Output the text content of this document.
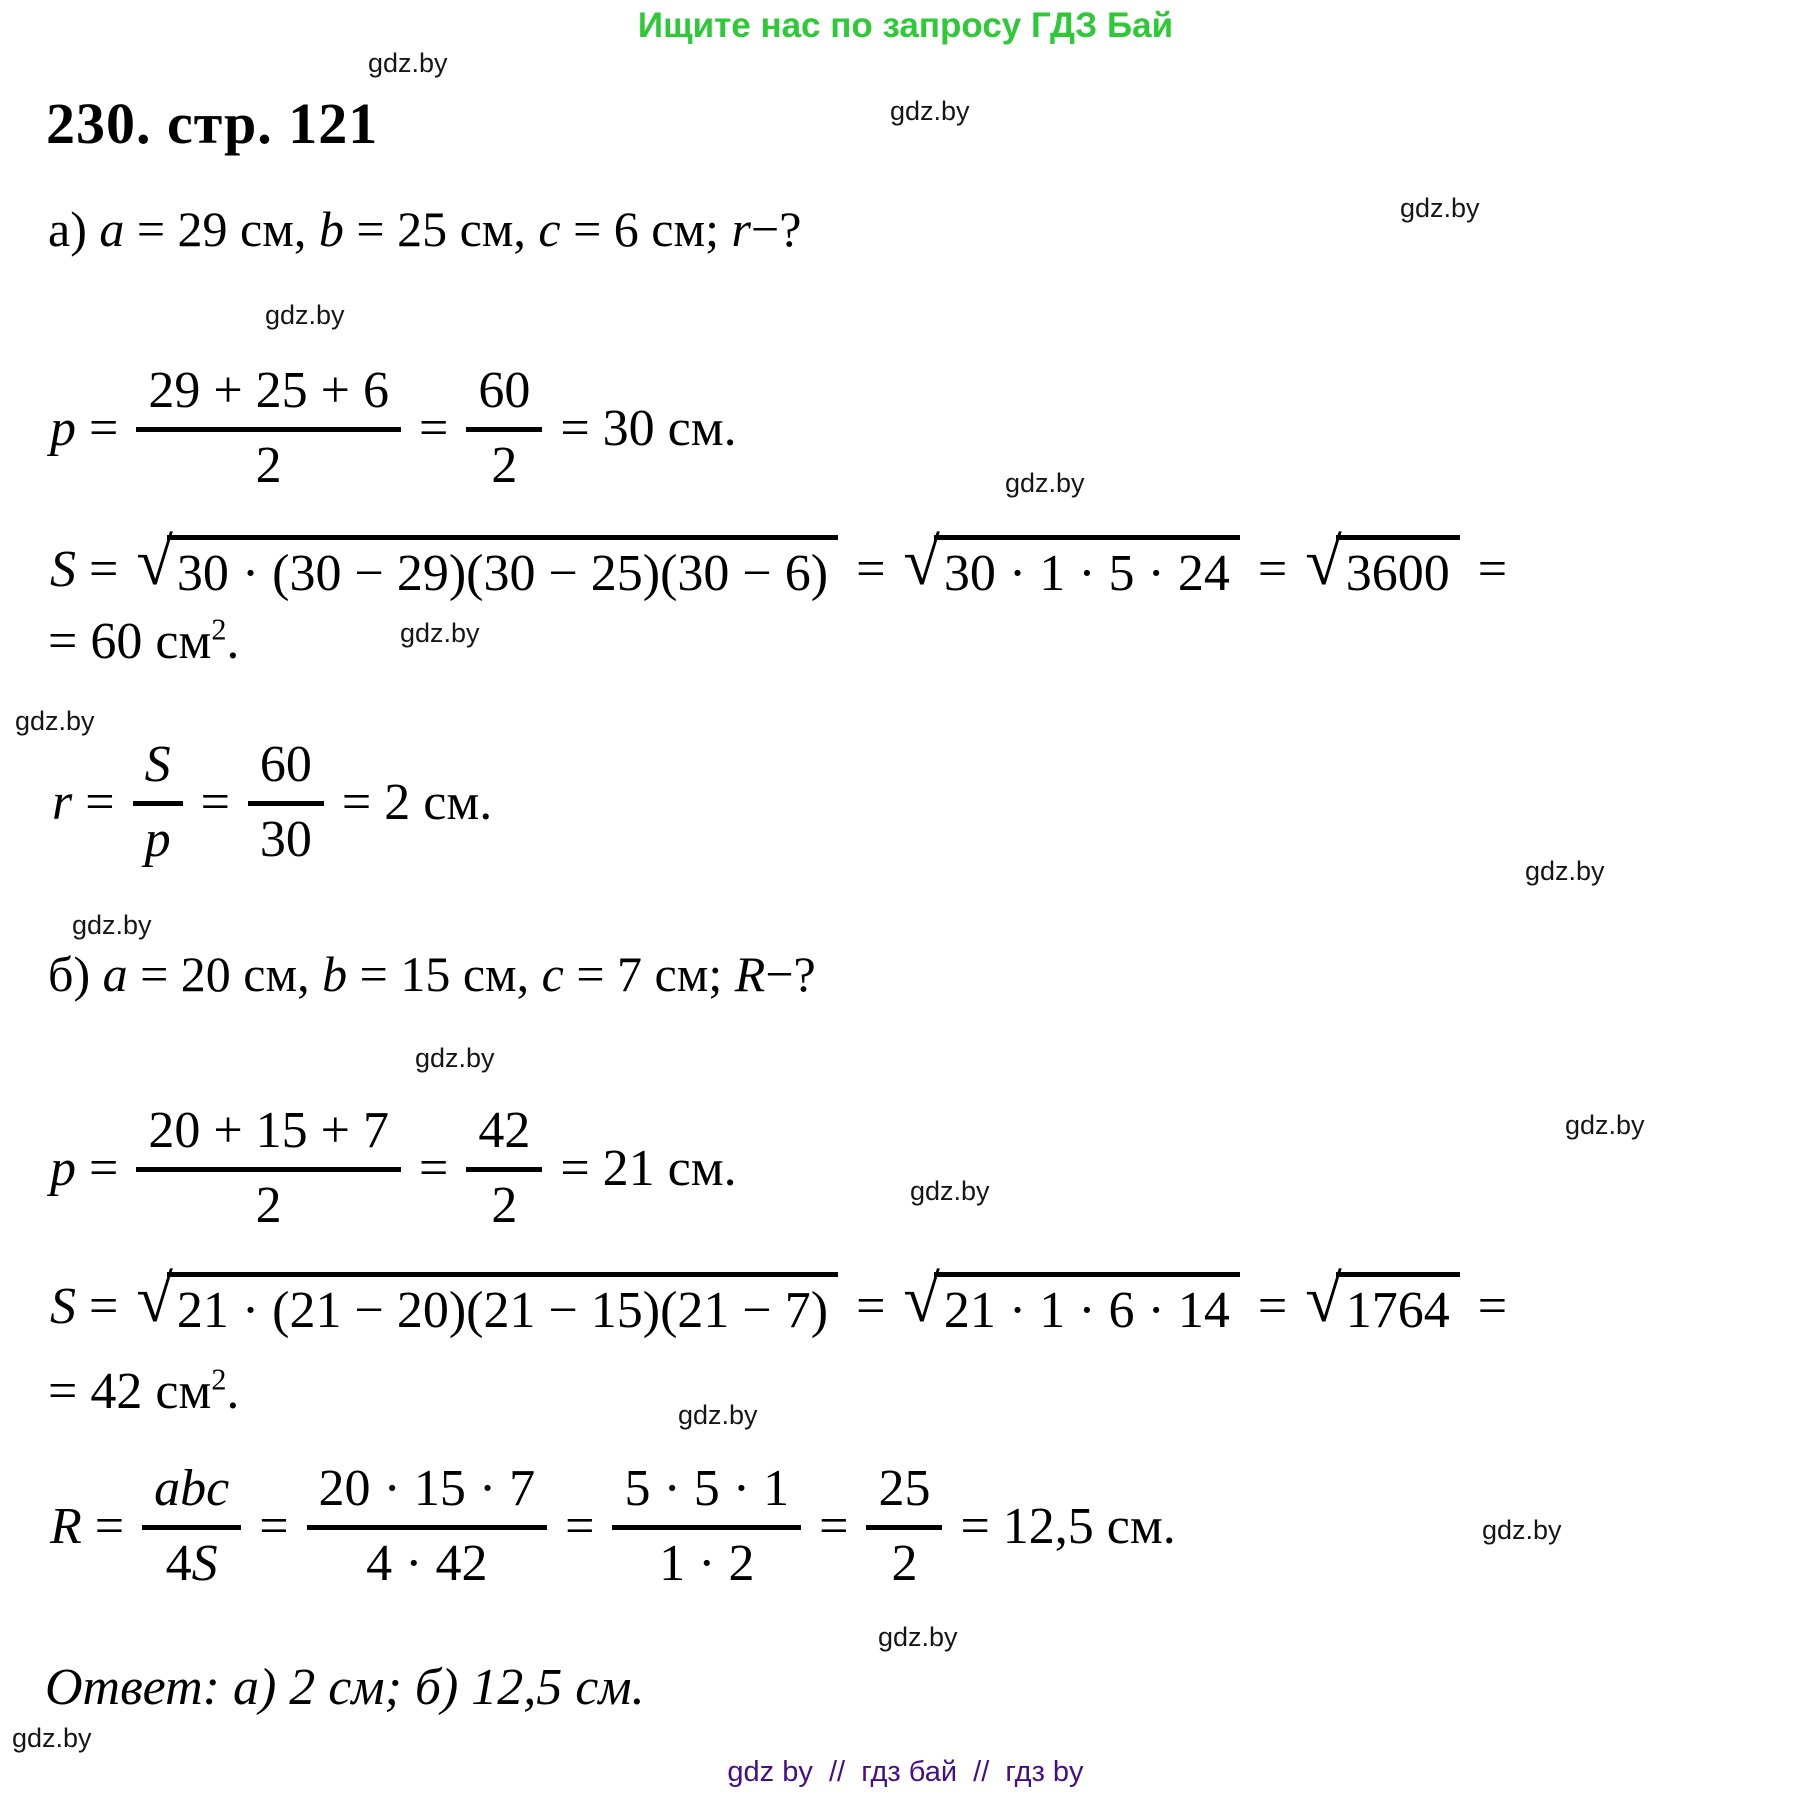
Ищите нас по запросу ГДЗ Бай
230. стр. 121
gdz.by
gdz.by
gdz.by
gdz.by
gdz.by
gdz.by
gdz.by
gdz.by
gdz.by
gdz.by
gdz.by
gdz.by
gdz.by
gdz.by
gdz.by
gdz.by
а) a = 29 см, b = 25 см, c = 6 см; r−?
$p = \frac{29 + 25 + 6}{2} = \frac{60}{2} = 30$ см.
S = √ 30 · (30 − 29)(30 − 25)(30 − 6) = √ 30 · 1 · 5 · 24 = √ 3600 =
= 60 $см^2$.
$r = \frac{S}{p} = \frac{60}{30} = 2$ см.
б) a = 20 см, b = 15 см, c = 7 см; R−?
$p = \frac{20 + 15 + 7}{2} = \frac{42}{2} = 21$ см.
S = √ 21 · (21 − 20)(21 − 15)(21 − 7) = √ 21 · 1 · 6 · 14 = √ 1764 =
= 42 $см^2$.
$R = \frac{\text{abc}}{4S} = \frac{20 \cdot 15 \cdot 7}{4 \cdot 42} = \frac{5 \cdot 5 \cdot 1}{1 \cdot 2} = \frac{25}{2} = 12,5$ см.
Ответ: а) 2 см; б) 12,5 см.
gdz by  //  гдз бай  //  гдз by
